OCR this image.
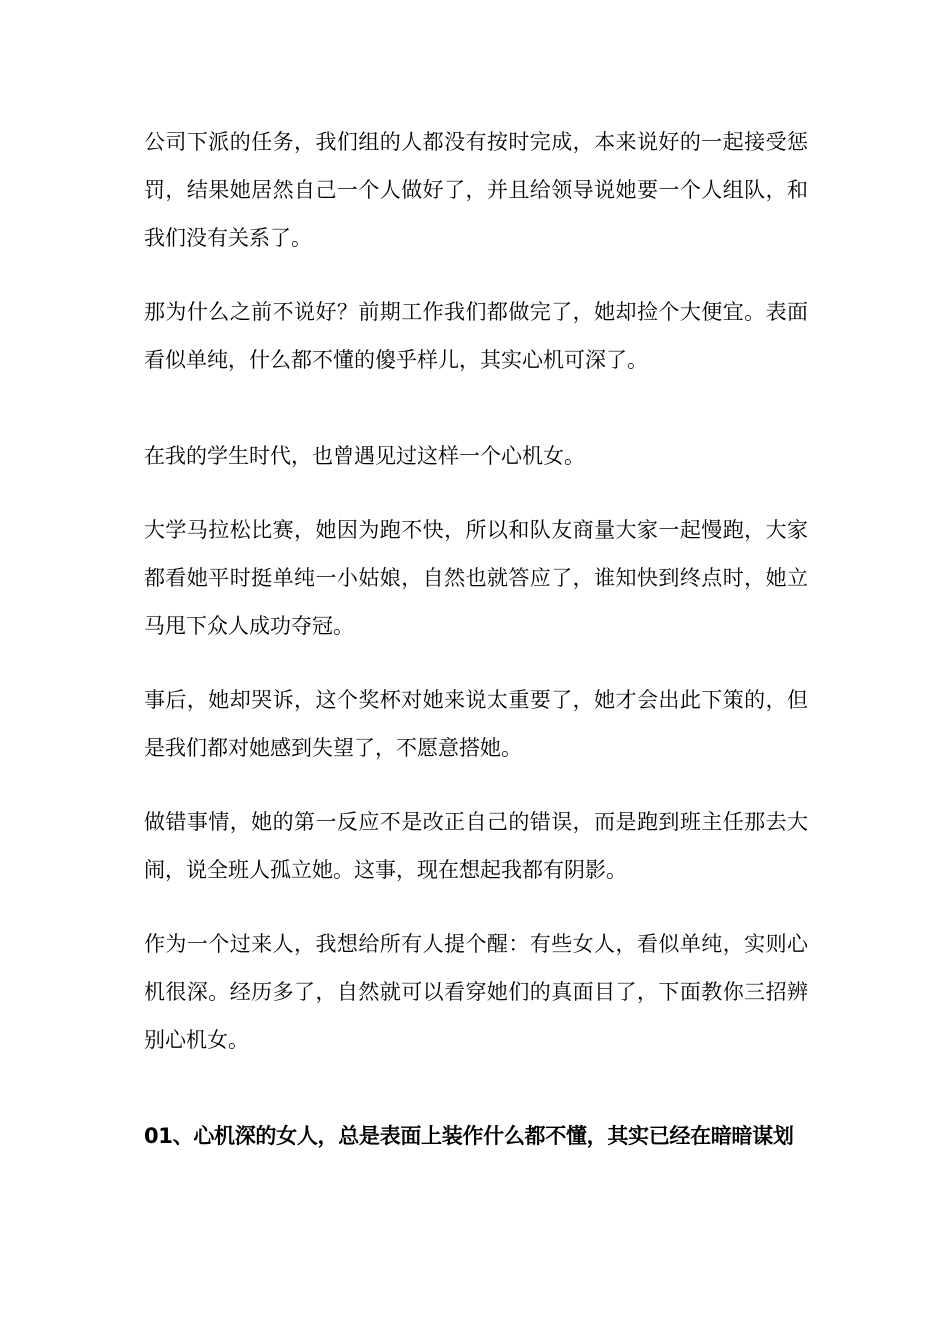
公司下派的任务，我们组的人都没有按时完成，本来说好的一起接受惩罚，结果她居然自己一个人做好了，并且给领导说她要一个人组队，和我们没有关系了。

那为什么之前不说好？前期工作我们都做完了，她却捡个大便宜。表面看似单纯，什么都不懂的傻乎样儿，其实心机可深了。

在我的学生时代，也曾遇见过这样一个心机女。

大学马拉松比赛，她因为跑不快，所以和队友商量大家一起慢跑，大家都看她平时挺单纯一小姑娘，自然也就答应了，谁知快到终点时，她立马甩下众人成功夺冠。

事后，她却哭诉，这个奖杯对她来说太重要了，她才会出此下策的，但是我们都对她感到失望了，不愿意搭她。

做错事情，她的第一反应不是改正自己的错误，而是跑到班主任那去大闹，说全班人孤立她。这事，现在想起我都有阴影。

作为一个过来人，我想给所有人提个醒：有些女人，看似单纯，实则心机很深。经历多了，自然就可以看穿她们的真面目了，下面教你三招辨别心机女。

01、心机深的女人，总是表面上装作什么都不懂，其实已经在暗暗谋划
